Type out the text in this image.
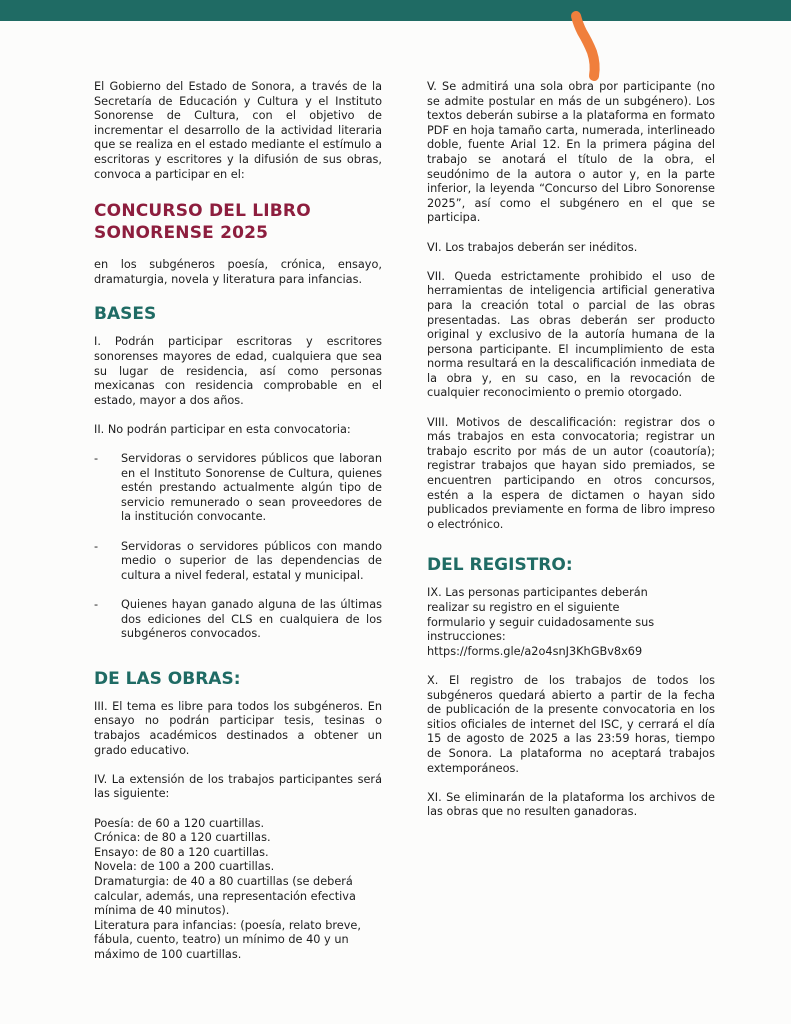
El Gobierno del Estado de Sonora, a través de la Secretaría de Educación y Cultura y el Instituto Sonorense de Cultura, con el objetivo de incrementar el desarrollo de la actividad literaria que se realiza en el estado mediante el estímulo a escritoras y escritores y la difusión de sus obras, convoca a participar en el:

CONCURSO DEL LIBRO SONORENSE 2025

en los subgéneros poesía, crónica, ensayo, dramaturgia, novela y literatura para infancias.

BASES

I. Podrán participar escritoras y escritores sonorenses mayores de edad, cualquiera que sea su lugar de residencia, así como personas mexicanas con residencia comprobable en el estado, mayor a dos años.

II. No podrán participar en esta convocatoria:

- Servidoras o servidores públicos que laboran en el Instituto Sonorense de Cultura, quienes estén prestando actualmente algún tipo de servicio remunerado o sean proveedores de la institución convocante.
- Servidoras o servidores públicos con mando medio o superior de las dependencias de cultura a nivel federal, estatal y municipal.
- Quienes hayan ganado alguna de las últimas dos ediciones del CLS en cualquiera de los subgéneros convocados.
DE LAS OBRAS:

III. El tema es libre para todos los subgéneros. En ensayo no podrán participar tesis, tesinas o trabajos académicos destinados a obtener un grado educativo.

IV. La extensión de los trabajos participantes será las siguiente:

Poesía: de 60 a 120 cuartillas.
Crónica: de 80 a 120 cuartillas.
Ensayo: de 80 a 120 cuartillas.
Novela: de 100 a 200 cuartillas.
Dramaturgia: de 40 a 80 cuartillas (se deberá calcular, además, una representación efectiva mínima de 40 minutos).
Literatura para infancias: (poesía, relato breve, fábula, cuento, teatro) un mínimo de 40 y un máximo de 100 cuartillas.

V. Se admitirá una sola obra por participante (no se admite postular en más de un subgénero). Los textos deberán subirse a la plataforma en formato PDF en hoja tamaño carta, numerada, interlineado doble, fuente Arial 12. En la primera página del trabajo se anotará el título de la obra, el seudónimo de la autora o autor y, en la parte inferior, la leyenda “Concurso del Libro Sonorense 2025”, así como el subgénero en el que se participa.

VI. Los trabajos deberán ser inéditos.

VII. Queda estrictamente prohibido el uso de herramientas de inteligencia artificial generativa para la creación total o parcial de las obras presentadas. Las obras deberán ser producto original y exclusivo de la autoría humana de la persona participante. El incumplimiento de esta norma resultará en la descalificación inmediata de la obra y, en su caso, en la revocación de cualquier reconocimiento o premio otorgado.

VIII. Motivos de descalificación: registrar dos o más trabajos en esta convocatoria; registrar un trabajo escrito por más de un autor (coautoría); registrar trabajos que hayan sido premiados, se encuentren participando en otros concursos, estén a la espera de dictamen o hayan sido publicados previamente en forma de libro impreso o electrónico.

DEL REGISTRO:
IX. Las personas participantes deberán
realizar su registro en el siguiente
formulario y seguir cuidadosamente sus
instrucciones:
https://forms.gle/a2o4snJ3KhGBv8x69

X. El registro de los trabajos de todos los subgéneros quedará abierto a partir de la fecha de publicación de la presente convocatoria en los sitios oficiales de internet del ISC, y cerrará el día 15 de agosto de 2025 a las 23:59 horas, tiempo de Sonora. La plataforma no aceptará trabajos extemporáneos.

XI. Se eliminarán de la plataforma los archivos de las obras que no resulten ganadoras.
